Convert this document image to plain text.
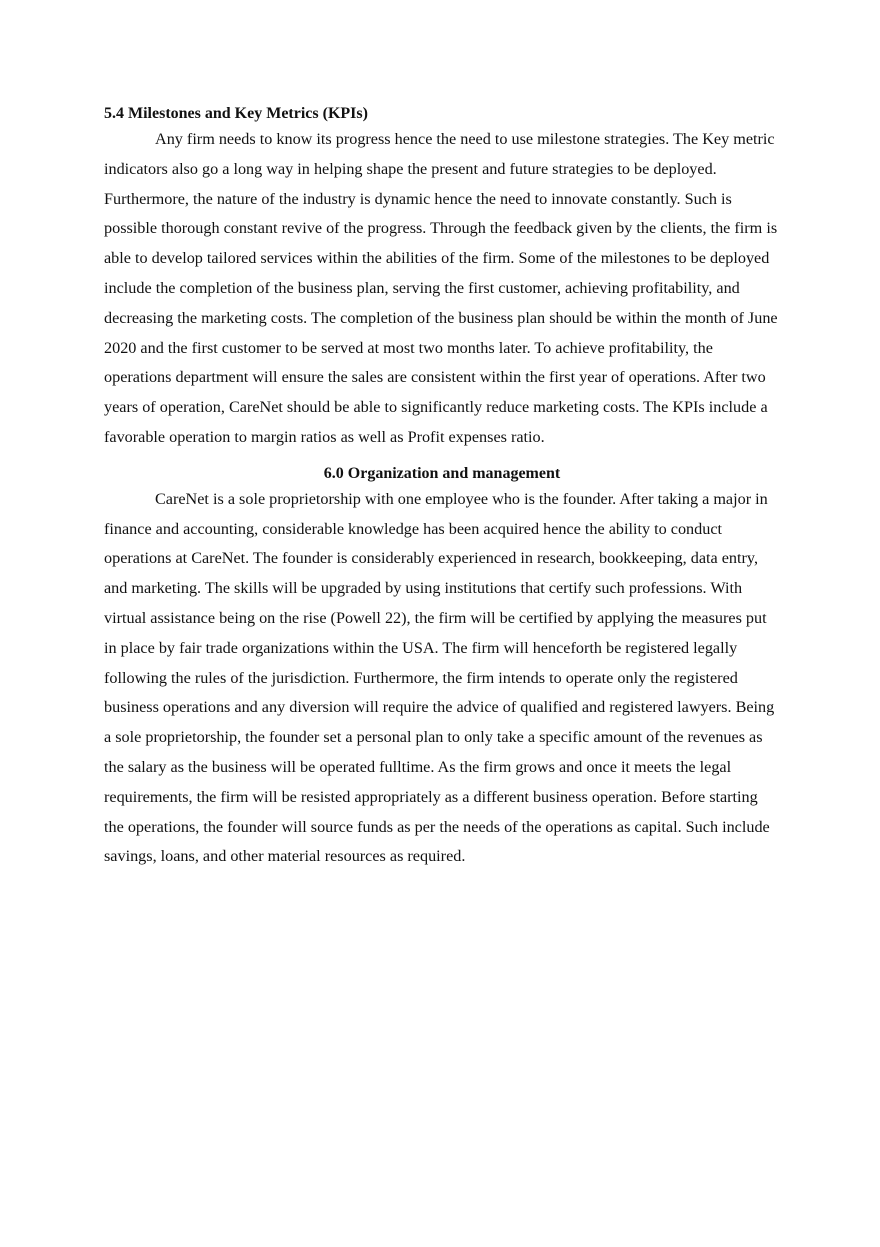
5.4 Milestones and Key Metrics (KPIs)

Any firm needs to know its progress hence the need to use milestone strategies. The Key metric indicators also go a long way in helping shape the present and future strategies to be deployed. Furthermore, the nature of the industry is dynamic hence the need to innovate constantly. Such is possible thorough constant revive of the progress. Through the feedback given by the clients, the firm is able to develop tailored services within the abilities of the firm. Some of the milestones to be deployed include the completion of the business plan, serving the first customer, achieving profitability, and decreasing the marketing costs. The completion of the business plan should be within the month of June 2020 and the first customer to be served at most two months later. To achieve profitability, the operations department will ensure the sales are consistent within the first year of operations. After two years of operation, CareNet should be able to significantly reduce marketing costs. The KPIs include a favorable operation to margin ratios as well as Profit expenses ratio.

6.0 Organization and management

CareNet is a sole proprietorship with one employee who is the founder. After taking a major in finance and accounting, considerable knowledge has been acquired hence the ability to conduct operations at CareNet. The founder is considerably experienced in research, bookkeeping, data entry, and marketing. The skills will be upgraded by using institutions that certify such professions. With virtual assistance being on the rise (Powell 22), the firm will be certified by applying the measures put in place by fair trade organizations within the USA. The firm will henceforth be registered legally following the rules of the jurisdiction. Furthermore, the firm intends to operate only the registered business operations and any diversion will require the advice of qualified and registered lawyers. Being a sole proprietorship, the founder set a personal plan to only take a specific amount of the revenues as the salary as the business will be operated fulltime. As the firm grows and once it meets the legal requirements, the firm will be resisted appropriately as a different business operation. Before starting the operations, the founder will source funds as per the needs of the operations as capital. Such include savings, loans, and other material resources as required.
